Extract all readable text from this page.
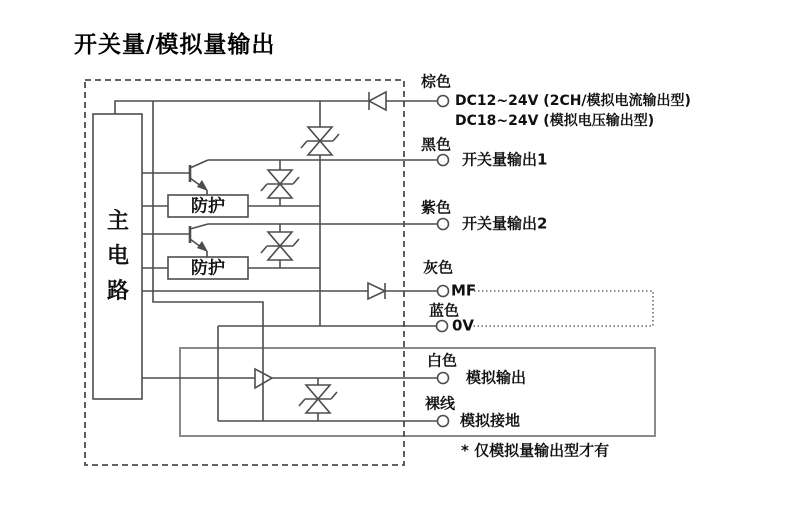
开关量/模拟量输出
主电路
防护
防护
棕色
黑色
紫色
灰色
蓝色
白色
裸线
DC12~24V (2CH/模拟电流输出型)
DC18~24V (模拟电压输出型)
开关量输出1
开关量输出2
MF
0V
模拟输出
模拟接地
* 仅模拟量输出型才有
